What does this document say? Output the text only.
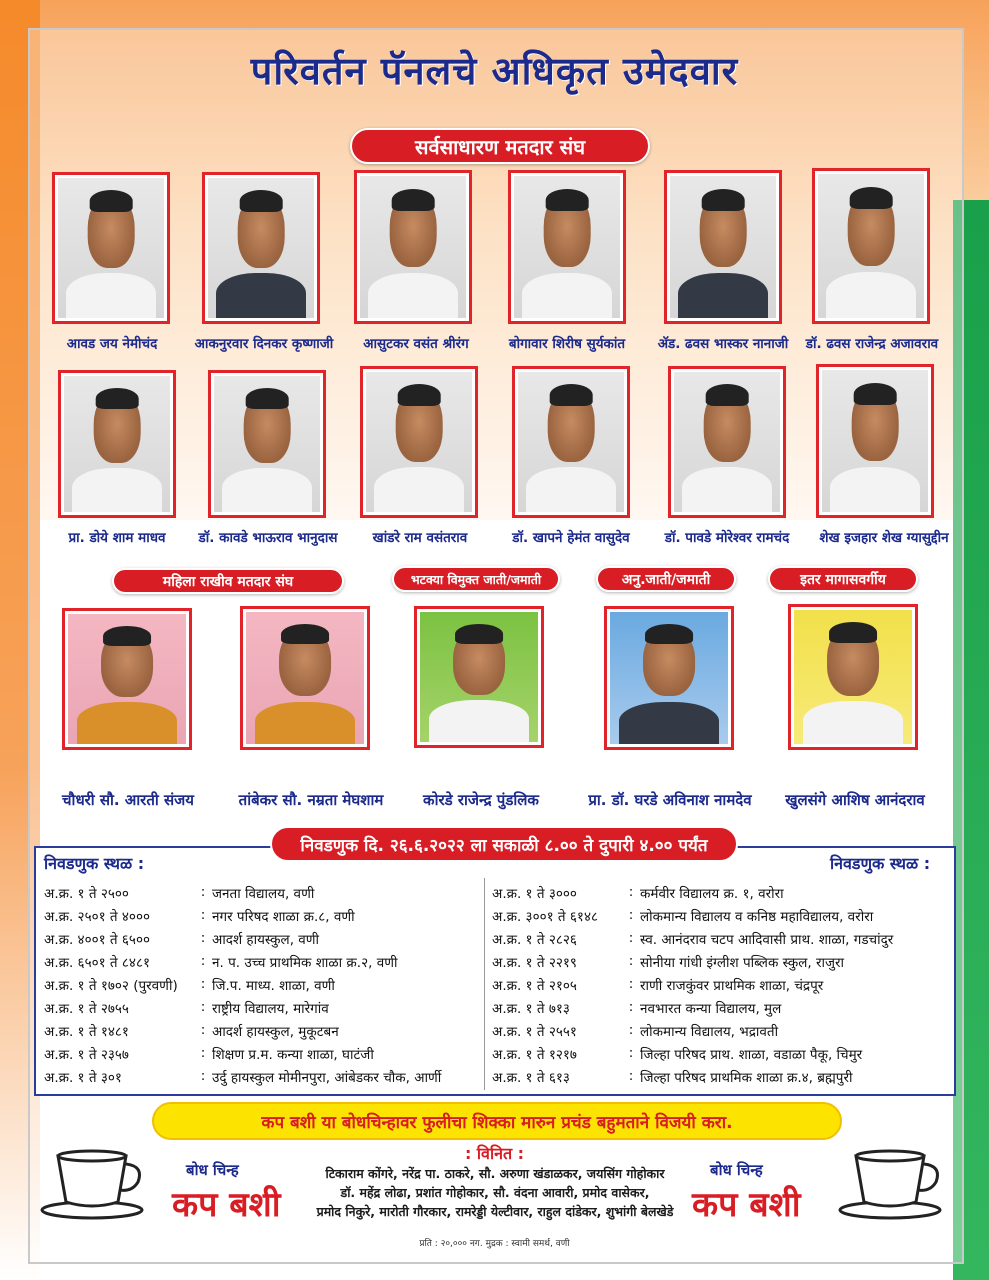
परिवर्तन पॅनलचे अधिकृत उमेदवार
सर्वसाधारण मतदार संघ
आवड जय नेमीचंद	आकनुरवार दिनकर कृष्णाजी	आसुटकर वसंत श्रीरंग	बोगावार शिरीष सुर्यकांत	ॲड. ढवस भास्कर नानाजी	डॉ. ढवस राजेन्द्र अजावराव
प्रा. डोये शाम माधव	डॉ. कावडे भाऊराव भानुदास	खांडरे राम वसंतराव	डॉ. खापने हेमंत वासुदेव	डॉ. पावडे मोरेश्वर रामचंद	शेख इजहार शेख ग्यासुद्दीन
महिला राखीव मतदार संघ	भटक्या विमुक्त जाती/जमाती	अनु.जाती/जमाती	इतर मागासवर्गीय
चौधरी सौ. आरती संजय	तांबेकर सौ. नम्रता मेघशाम	कोरडे राजेन्द्र पुंडलिक	प्रा. डॉ. घरडे अविनाश नामदेव	खुलसंगे आशिष आनंदराव
निवडणुक दि. २६.६.२०२२ ला सकाळी ८.०० ते दुपारी ४.०० पर्यंत
निवडणुक स्थळ :	निवडणुक स्थळ :
अ.क्र. १ ते २५००	: जनता विद्यालय, वणी
अ.क्र. २५०१ ते ४०००	: नगर परिषद शाळा क्र.८, वणी
अ.क्र. ४००१ ते ६५००	: आदर्श हायस्कुल, वणी
अ.क्र. ६५०१ ते ८४८१	: न. प. उच्च प्राथमिक शाळा क्र.२, वणी
अ.क्र. १ ते १७०२ (पुरवणी)	: जि.प. माध्य. शाळा, वणी
अ.क्र. १ ते २७५५	: राष्ट्रीय विद्यालय, मारेगांव
अ.क्र. १ ते १४८१	: आदर्श हायस्कुल, मुकूटबन
अ.क्र. १ ते २३५७	: शिक्षण प्र.म. कन्या शाळा, घाटंजी
अ.क्र. १ ते ३०१	: उर्दु हायस्कुल मोमीनपुरा, आंबेडकर चौक, आर्णी
अ.क्र. १ ते ३०००	: कर्मवीर विद्यालय क्र. १, वरोरा
अ.क्र. ३००१ ते ६१४८	: लोकमान्य विद्यालय व कनिष्ठ महाविद्यालय, वरोरा
अ.क्र. १ ते २८२६	: स्व. आनंदराव चटप आदिवासी प्राथ. शाळा, गडचांदुर
अ.क्र. १ ते २२१९	: सोनीया गांधी इंग्लीश पब्लिक स्कुल, राजुरा
अ.क्र. १ ते २१०५	: राणी राजकुंवर प्राथमिक शाळा, चंद्रपूर
अ.क्र. १ ते ७१३	: नवभारत कन्या विद्यालय, मुल
अ.क्र. १ ते २५५१	: लोकमान्य विद्यालय, भद्रावती
अ.क्र. १ ते १२१७	: जिल्हा परिषद प्राथ. शाळा, वडाळा पैकू, चिमुर
अ.क्र. १ ते ६१३	: जिल्हा परिषद प्राथमिक शाळा क्र.४, ब्रह्मपुरी
कप बशी या बोधचिन्हावर फुलीचा शिक्का मारुन प्रचंड बहुमताने विजयी करा.
: विनित :
टिकाराम कोंगरे, नरेंद्र पा. ठाकरे, सौ. अरुणा खंडाळकर, जयसिंग गोहोकार
डॉ. महेंद्र लोढा, प्रशांत गोहोकार, सौ. वंदना आवारी, प्रमोद वासेकर,
प्रमोद निकुरे, मारोती गौरकार, रामरेड्डी येल्टीवार, राहुल दांडेकर, शुभांगी बेलखेडे
बोध चिन्ह
कप बशी
बोध चिन्ह
कप बशी
प्रति : २०,००० नग. मुद्रक : स्वामी समर्थ, वणी
